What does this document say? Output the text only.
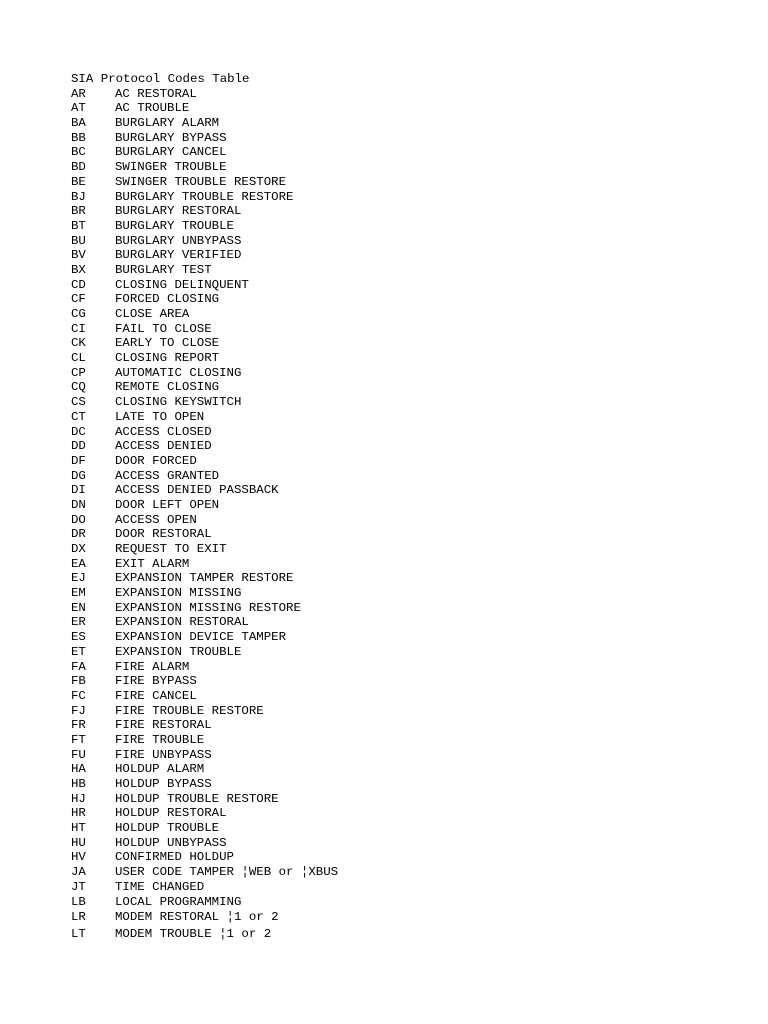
SIA Protocol Codes Table
AR	AC RESTORAL
AT	AC TROUBLE
BA	BURGLARY ALARM
BB	BURGLARY BYPASS
BC	BURGLARY CANCEL
BD	SWINGER TROUBLE
BE	SWINGER TROUBLE RESTORE
BJ	BURGLARY TROUBLE RESTORE
BR	BURGLARY RESTORAL
BT	BURGLARY TROUBLE
BU	BURGLARY UNBYPASS
BV	BURGLARY VERIFIED
BX	BURGLARY TEST
CD	CLOSING DELINQUENT
CF	FORCED CLOSING
CG	CLOSE AREA
CI	FAIL TO CLOSE
CK	EARLY TO CLOSE
CL	CLOSING REPORT
CP	AUTOMATIC CLOSING
CQ	REMOTE CLOSING
CS	CLOSING KEYSWITCH
CT	LATE TO OPEN
DC	ACCESS CLOSED
DD	ACCESS DENIED
DF	DOOR FORCED
DG	ACCESS GRANTED
DI	ACCESS DENIED PASSBACK
DN	DOOR LEFT OPEN
DO	ACCESS OPEN
DR	DOOR RESTORAL
DX	REQUEST TO EXIT
EA	EXIT ALARM
EJ	EXPANSION TAMPER RESTORE
EM	EXPANSION MISSING
EN	EXPANSION MISSING RESTORE
ER	EXPANSION RESTORAL
ES	EXPANSION DEVICE TAMPER
ET	EXPANSION TROUBLE
FA	FIRE ALARM
FB	FIRE BYPASS
FC	FIRE CANCEL
FJ	FIRE TROUBLE RESTORE
FR	FIRE RESTORAL
FT	FIRE TROUBLE
FU	FIRE UNBYPASS
HA	HOLDUP ALARM
HB	HOLDUP BYPASS
HJ	HOLDUP TROUBLE RESTORE
HR	HOLDUP RESTORAL
HT	HOLDUP TROUBLE
HU	HOLDUP UNBYPASS
HV	CONFIRMED HOLDUP
JA	USER CODE TAMPER ¦WEB or ¦XBUS
JT	TIME CHANGED
LB	LOCAL PROGRAMMING
LR	MODEM RESTORAL ¦1 or 2
LT	MODEM TROUBLE ¦1 or 2
